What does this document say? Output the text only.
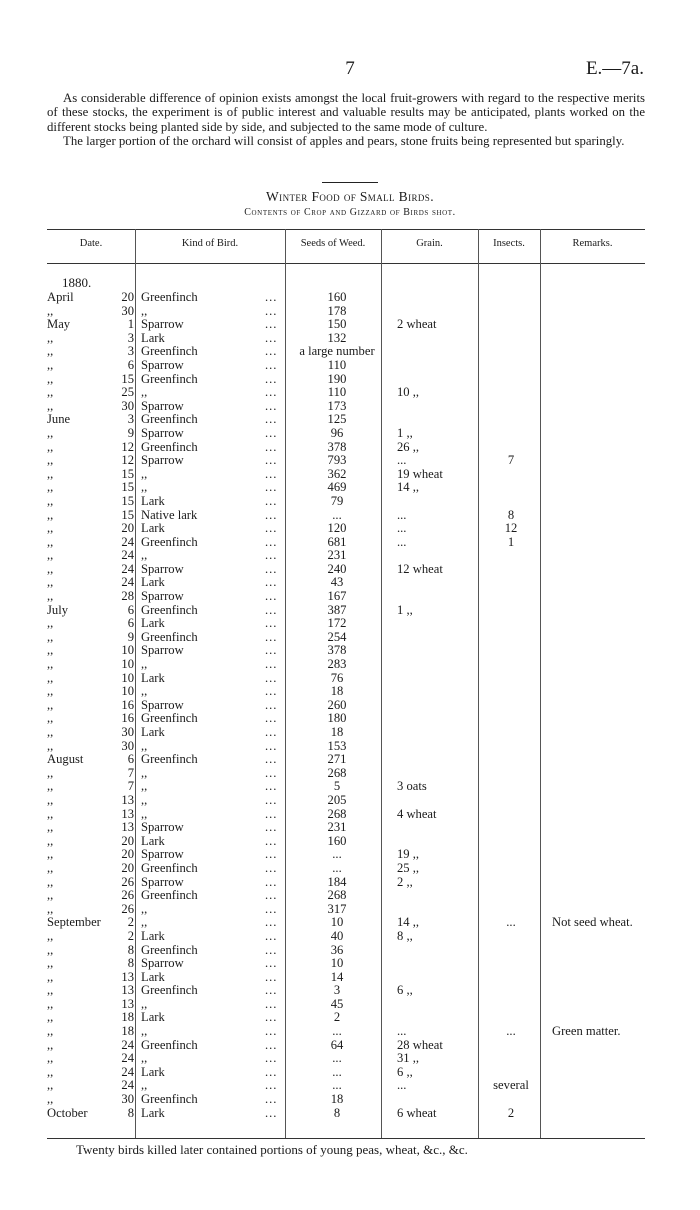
7	E.—7a.

As considerable difference of opinion exists amongst the local fruit-growers with regard to the respective merits of these stocks, the experiment is of public interest and valuable results may be anticipated, plants worked on the different stocks being planted side by side, and subjected to the same mode of culture.

The larger portion of the orchard will consist of apples and pears, stone fruits being represented but sparingly.

Winter Food of Small Birds.
Contents of Crop and Gizzard of Birds shot.
Date.	Kind of Bird.	Seeds of Weed.	Grain.	Insects.	Remarks.
1880.
April	20 Greenfinch	...	160
,,	30 ,,	...	178
May	1 Sparrow	...	150	2 wheat
,,	3 Lark	...	132
,,	3 Greenfinch	...	a large number
,,	6 Sparrow	...	110
,,	15 Greenfinch	...	190
,,	25 ,,	...	110	10 ,,
,,	30 Sparrow	...	173
June	3 Greenfinch	...	125
,,	9 Sparrow	...	96	1 ,,
,,	12 Greenfinch	...	378	26 ,,
,,	12 Sparrow	...	793	...	7
,,	15 ,,	...	362	19 wheat
,,	15 ,,	...	469	14 ,,
,,	15 Lark	...	79
,,	15 Native lark	...	...	...	8
,,	20 Lark	...	120	...	12
,,	24 Greenfinch	...	681	...	1
,,	24 ,,	...	231
,,	24 Sparrow	...	240	12 wheat
,,	24 Lark	...	43
,,	28 Sparrow	...	167
July	6 Greenfinch	...	387	1 ,,
,,	6 Lark	...	172
,,	9 Greenfinch	...	254
,,	10 Sparrow	...	378
,,	10 ,,	...	283
,,	10 Lark	...	76
,,	10 ,,	...	18
,,	16 Sparrow	...	260
,,	16 Greenfinch	...	180
,,	30 Lark	...	18
,,	30 ,,	...	153
August	6 Greenfinch	...	271
,,	7 ,,	...	268
,,	7 ,,	...	5	3 oats
,,	13 ,,	...	205
,,	13 ,,	...	268	4 wheat
,,	13 Sparrow	...	231
,,	20 Lark	...	160
,,	20 Sparrow	...	...	19 ,,
,,	20 Greenfinch	...	...	25 ,,
,,	26 Sparrow	...	184	2 ,,
,,	26 Greenfinch	...	268
,,	26 ,,	...	317
September	2 ,,	...	10	14 ,,	...	Not seed wheat.
,,	2 Lark	...	40	8 ,,
,,	8 Greenfinch	...	36
,,	8 Sparrow	...	10
,,	13 Lark	...	14
,,	13 Greenfinch	...	3	6 ,,
,,	13 ,,	...	45
,,	18 Lark	...	2
,,	18 ,,	...	...	...	...	Green matter.
,,	24 Greenfinch	...	64	28 wheat
,,	24 ,,	...	...	31 ,,
,,	24 Lark	...	...	6 ,,
,,	24 ,,	...	...	...	several
,,	30 Greenfinch	...	18
October	8 Lark	...	8	6 wheat	2
Twenty birds killed later contained portions of young peas, wheat, &c., &c.
